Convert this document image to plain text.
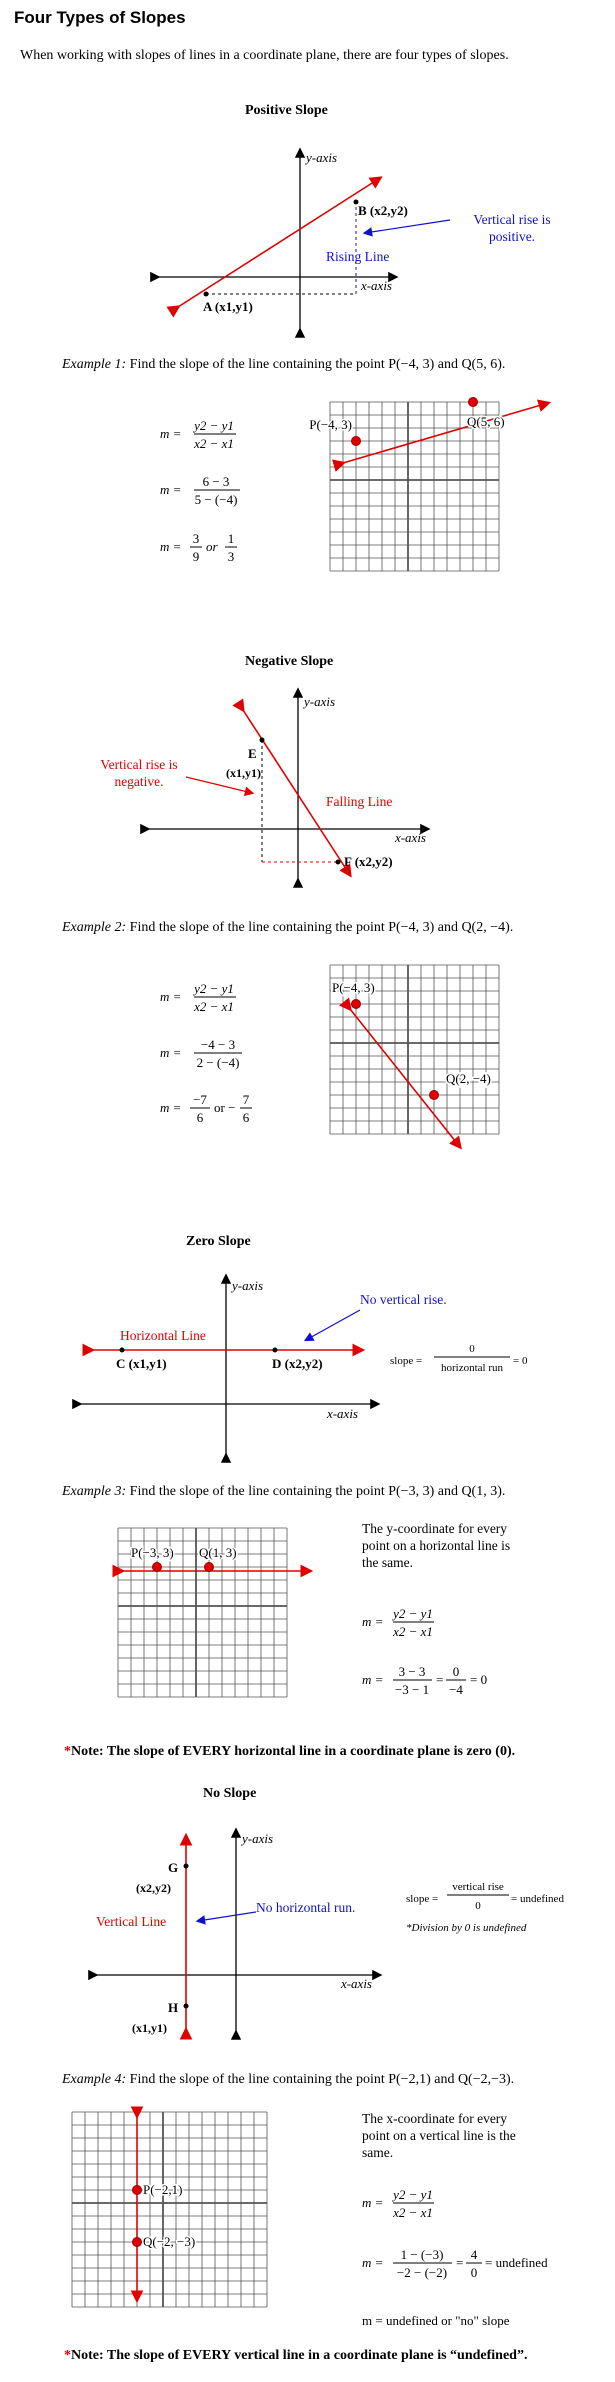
Four Types of Slopes
When working with slopes of lines in a coordinate plane, there are four types of slopes.
Positive Slope
y-axis
x-axis
B (x2,y2)
A (x1,y1)
Rising Line
Vertical rise is
positive.
Example 1: Find the slope of the line containing the point P(−4, 3) and Q(5, 6).
m =
y2 − y1
x2 − x1
m =
6 − 3
5 − (−4)
m =
3
9
or
1
3
P(−4, 3)	Q(5, 6)
Negative Slope
y-axis
x-axis
E
(x1,y1)
F (x2,y2)
Falling Line
Vertical rise is
negative.
Example 2: Find the slope of the line containing the point P(−4, 3) and Q(2, −4).
m =
y2 − y1
x2 − x1
m =
−4 − 3
2 − (−4)
m =
−7
6
or −
7
6
P(−4, 3)
Q(2, −4)
Zero Slope
y-axis
x-axis
Horizontal Line
C (x1,y1)	D (x2,y2)
No vertical rise.
slope =
0
horizontal run
= 0
Example 3: Find the slope of the line containing the point P(−3, 3) and Q(1, 3).
P(−3, 3) Q(1, 3)
The y-coordinate for every
point on a horizontal line is
the same.
m =
y2 − y1
x2 − x1
m =
3 − 3
−3 − 1
=
0
−4
= 0
*Note: The slope of EVERY horizontal line in a coordinate plane is zero (0).
No Slope
y-axis
x-axis
G
(x2,y2)
H
(x1,y1)
Vertical Line
No horizontal run.
slope =
vertical rise
0
= undefined
*Division by 0 is undefined
Example 4: Find the slope of the line containing the point P(−2,1) and Q(−2,−3).
P(−2,1)
Q(−2, −3)
The x-coordinate for every
point on a vertical line is the
same.
m =
y2 − y1
x2 − x1
m =
1 − (−3)
−2 − (−2)
=
4
0
= undefined
m = undefined or "no" slope
*Note: The slope of EVERY vertical line in a coordinate plane is “undefined”.
